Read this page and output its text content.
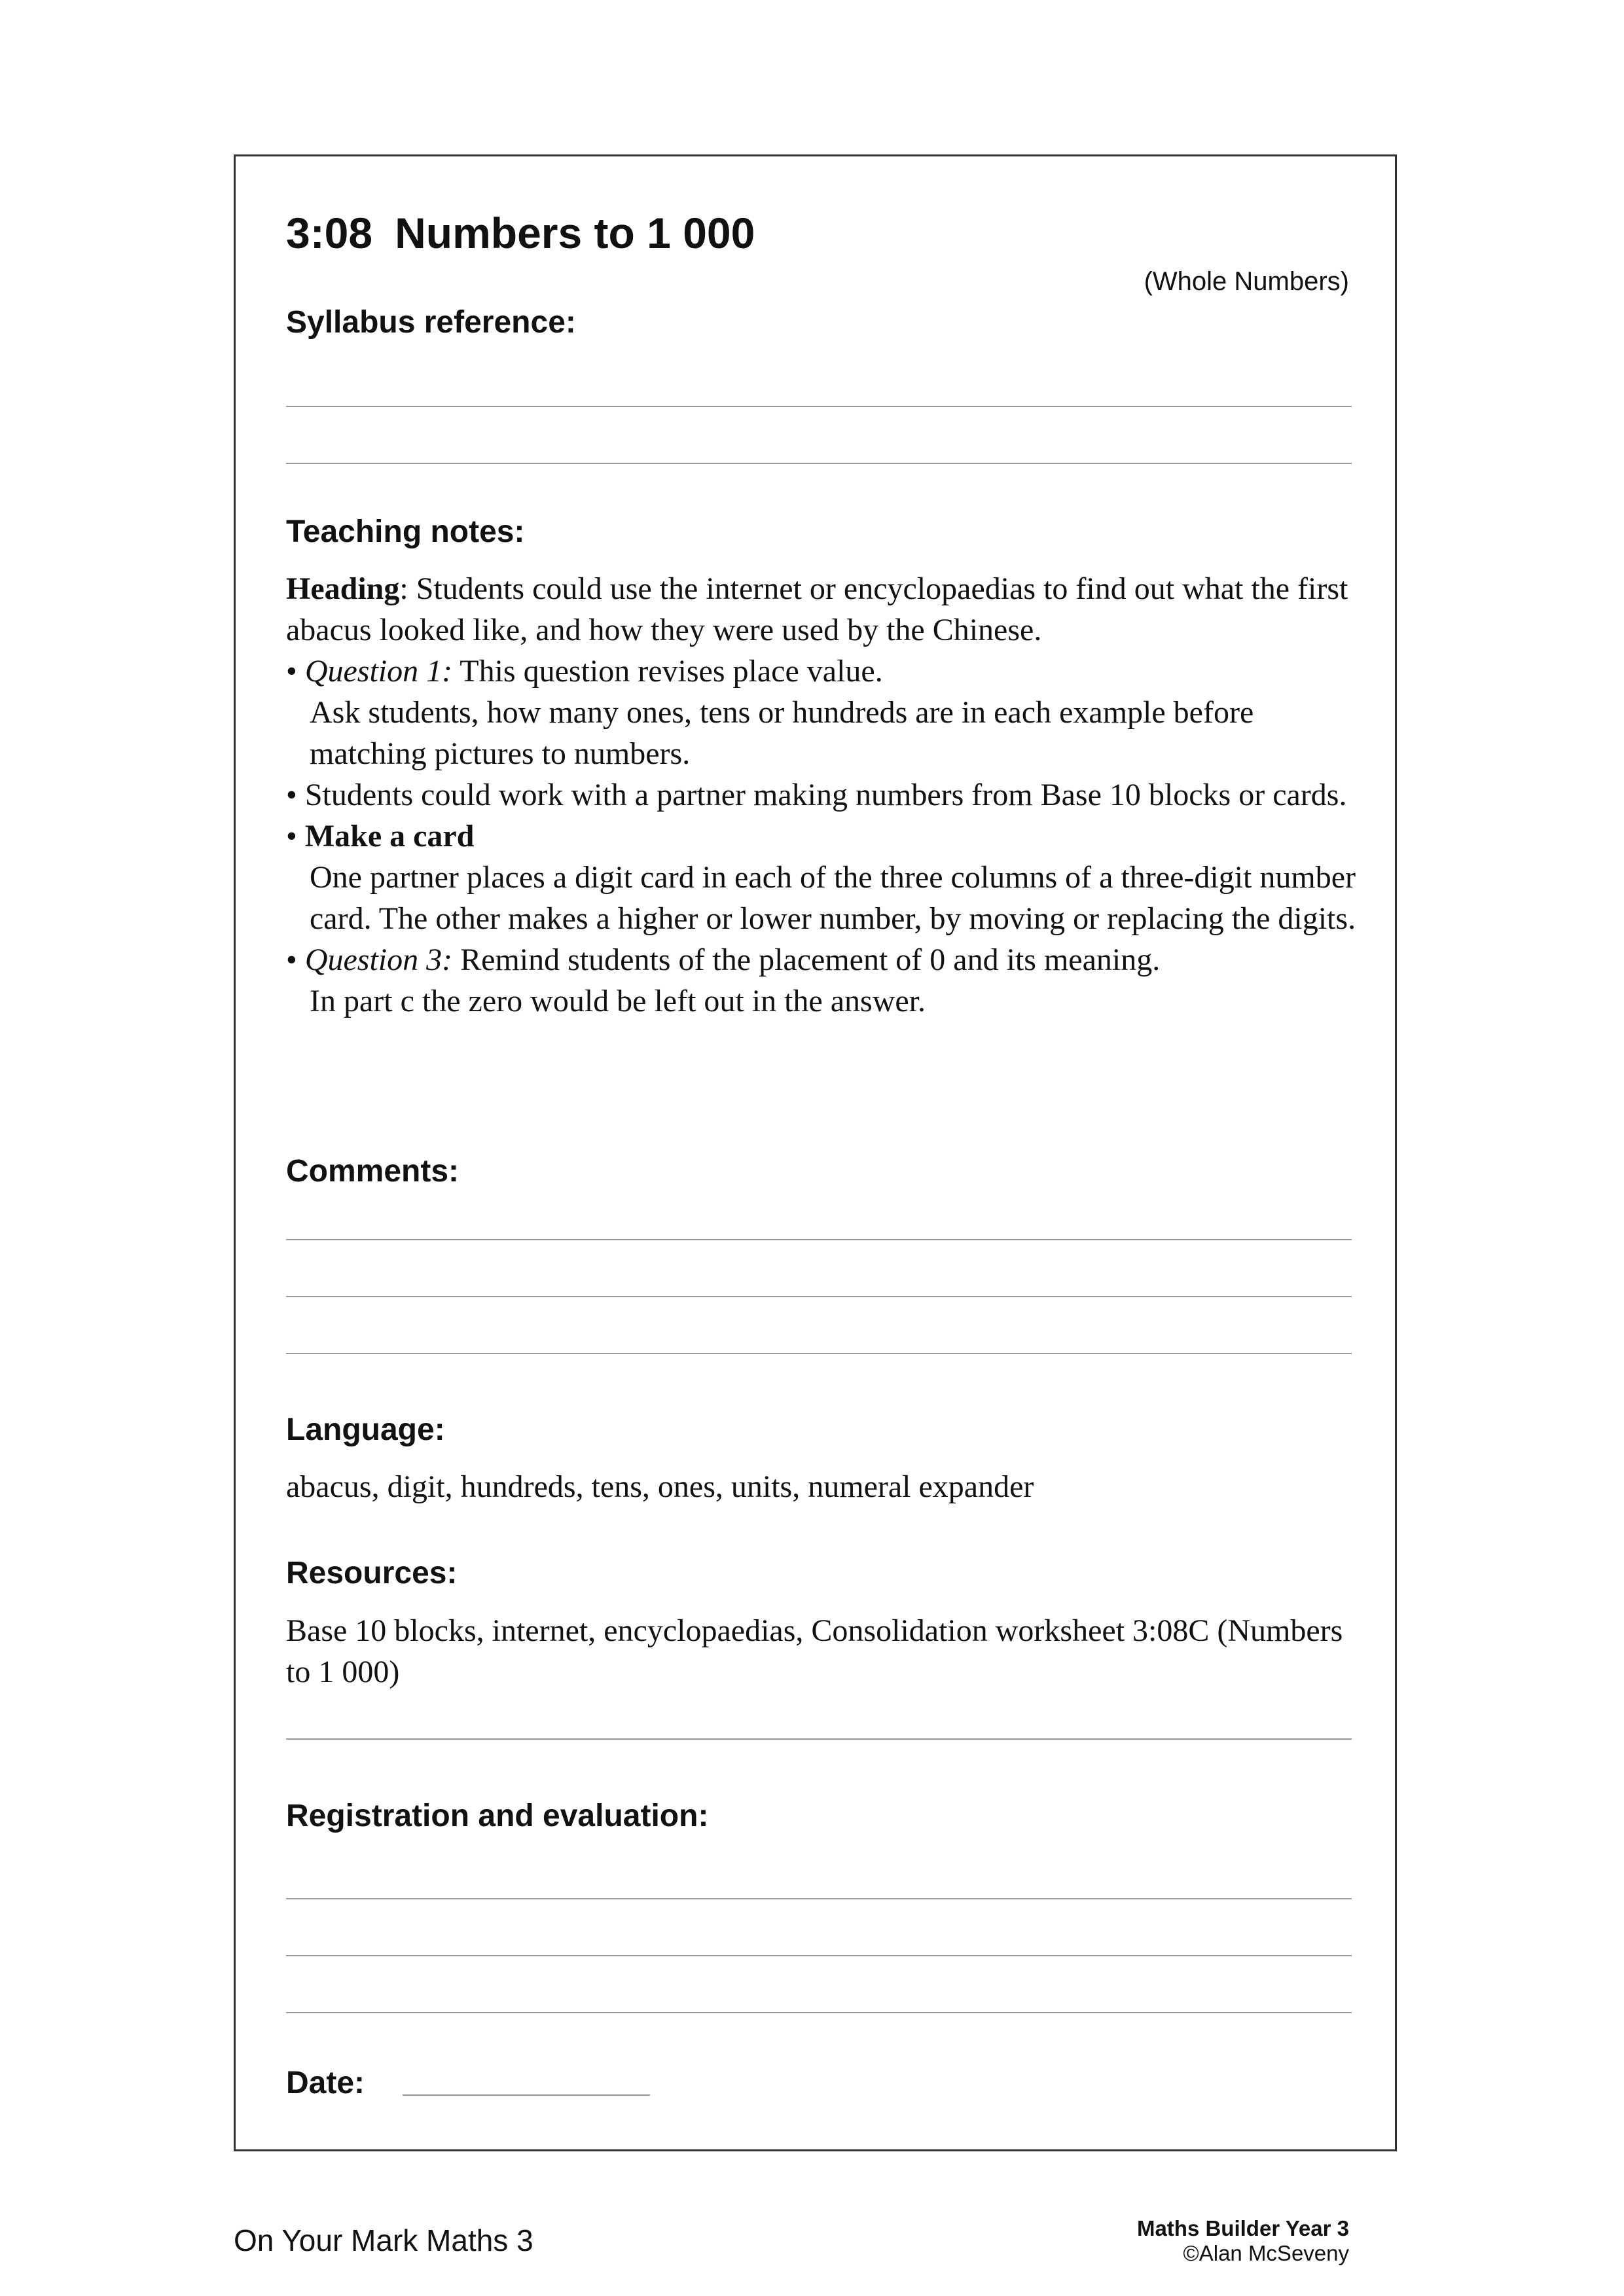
3:08 Numbers to 1 000
(Whole Numbers)
Syllabus reference:
Teaching notes:

Heading: Students could use the internet or encyclopaedias to find out what the first abacus looked like, and how they were used by the Chinese.

• Question 1: This question revises place value.

Ask students, how many ones, tens or hundreds are in each example before matching pictures to numbers.

• Students could work with a partner making numbers from Base 10 blocks or cards.

• Make a card

One partner places a digit card in each of the three columns of a three-digit number card. The other makes a higher or lower number, by moving or replacing the digits.

• Question 3: Remind students of the placement of 0 and its meaning.

In part c the zero would be left out in the answer.

Comments:
Language:
abacus, digit, hundreds, tens, ones, units, numeral expander
Resources:
Base 10 blocks, internet, encyclopaedias, Consolidation worksheet 3:08C (Numbers to 1 000)
Registration and evaluation:
Date:
On Your Mark Maths 3	Maths Builder Year 3
©Alan McSeveny
